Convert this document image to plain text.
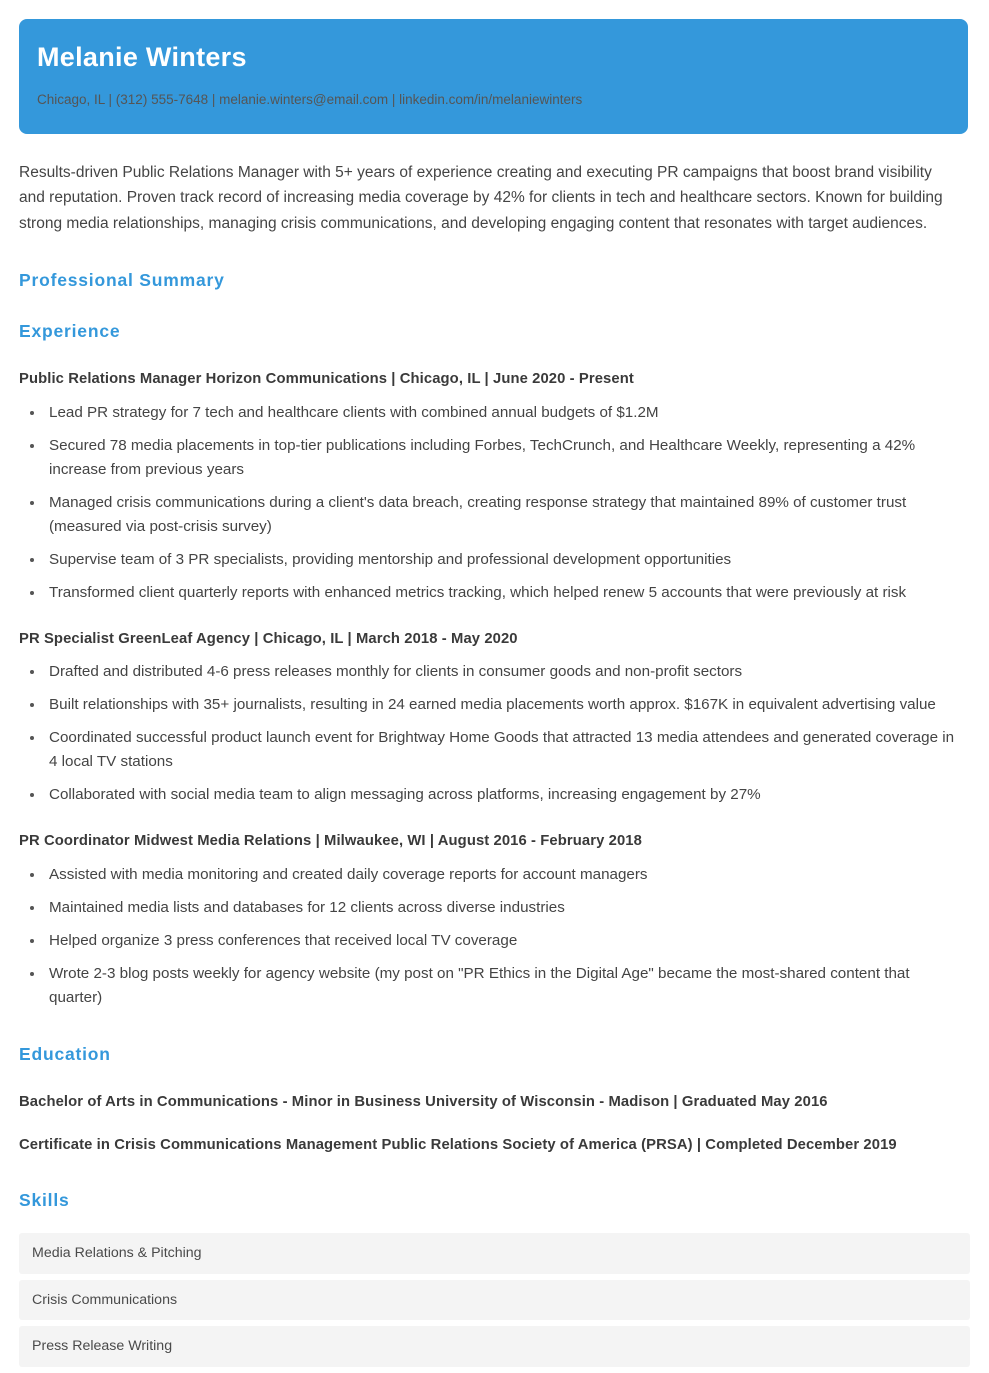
Melanie Winters
Chicago, IL | (312) 555-7648 | melanie.winters@email.com | linkedin.com/in/melaniewinters

Results-driven Public Relations Manager with 5+ years of experience creating and executing PR campaigns that boost brand visibility and reputation. Proven track record of increasing media coverage by 42% for clients in tech and healthcare sectors. Known for building strong media relationships, managing crisis communications, and developing engaging content that resonates with target audiences.

Professional Summary
Experience
Public Relations Manager Horizon Communications | Chicago, IL | June 2020 - Present
Lead PR strategy for 7 tech and healthcare clients with combined annual budgets of $1.2M
Secured 78 media placements in top-tier publications including Forbes, TechCrunch, and Healthcare Weekly, representing a 42% increase from previous years
Managed crisis communications during a client's data breach, creating response strategy that maintained 89% of customer trust (measured via post-crisis survey)
Supervise team of 3 PR specialists, providing mentorship and professional development opportunities
Transformed client quarterly reports with enhanced metrics tracking, which helped renew 5 accounts that were previously at risk
PR Specialist GreenLeaf Agency | Chicago, IL | March 2018 - May 2020
Drafted and distributed 4-6 press releases monthly for clients in consumer goods and non-profit sectors
Built relationships with 35+ journalists, resulting in 24 earned media placements worth approx. $167K in equivalent advertising value
Coordinated successful product launch event for Brightway Home Goods that attracted 13 media attendees and generated coverage in 4 local TV stations
Collaborated with social media team to align messaging across platforms, increasing engagement by 27%
PR Coordinator Midwest Media Relations | Milwaukee, WI | August 2016 - February 2018
Assisted with media monitoring and created daily coverage reports for account managers
Maintained media lists and databases for 12 clients across diverse industries
Helped organize 3 press conferences that received local TV coverage
Wrote 2-3 blog posts weekly for agency website (my post on "PR Ethics in the Digital Age" became the most-shared content that quarter)
Education
Bachelor of Arts in Communications - Minor in Business University of Wisconsin - Madison | Graduated May 2016
Certificate in Crisis Communications Management Public Relations Society of America (PRSA) | Completed December 2019
Skills
Media Relations & Pitching
Crisis Communications
Press Release Writing
